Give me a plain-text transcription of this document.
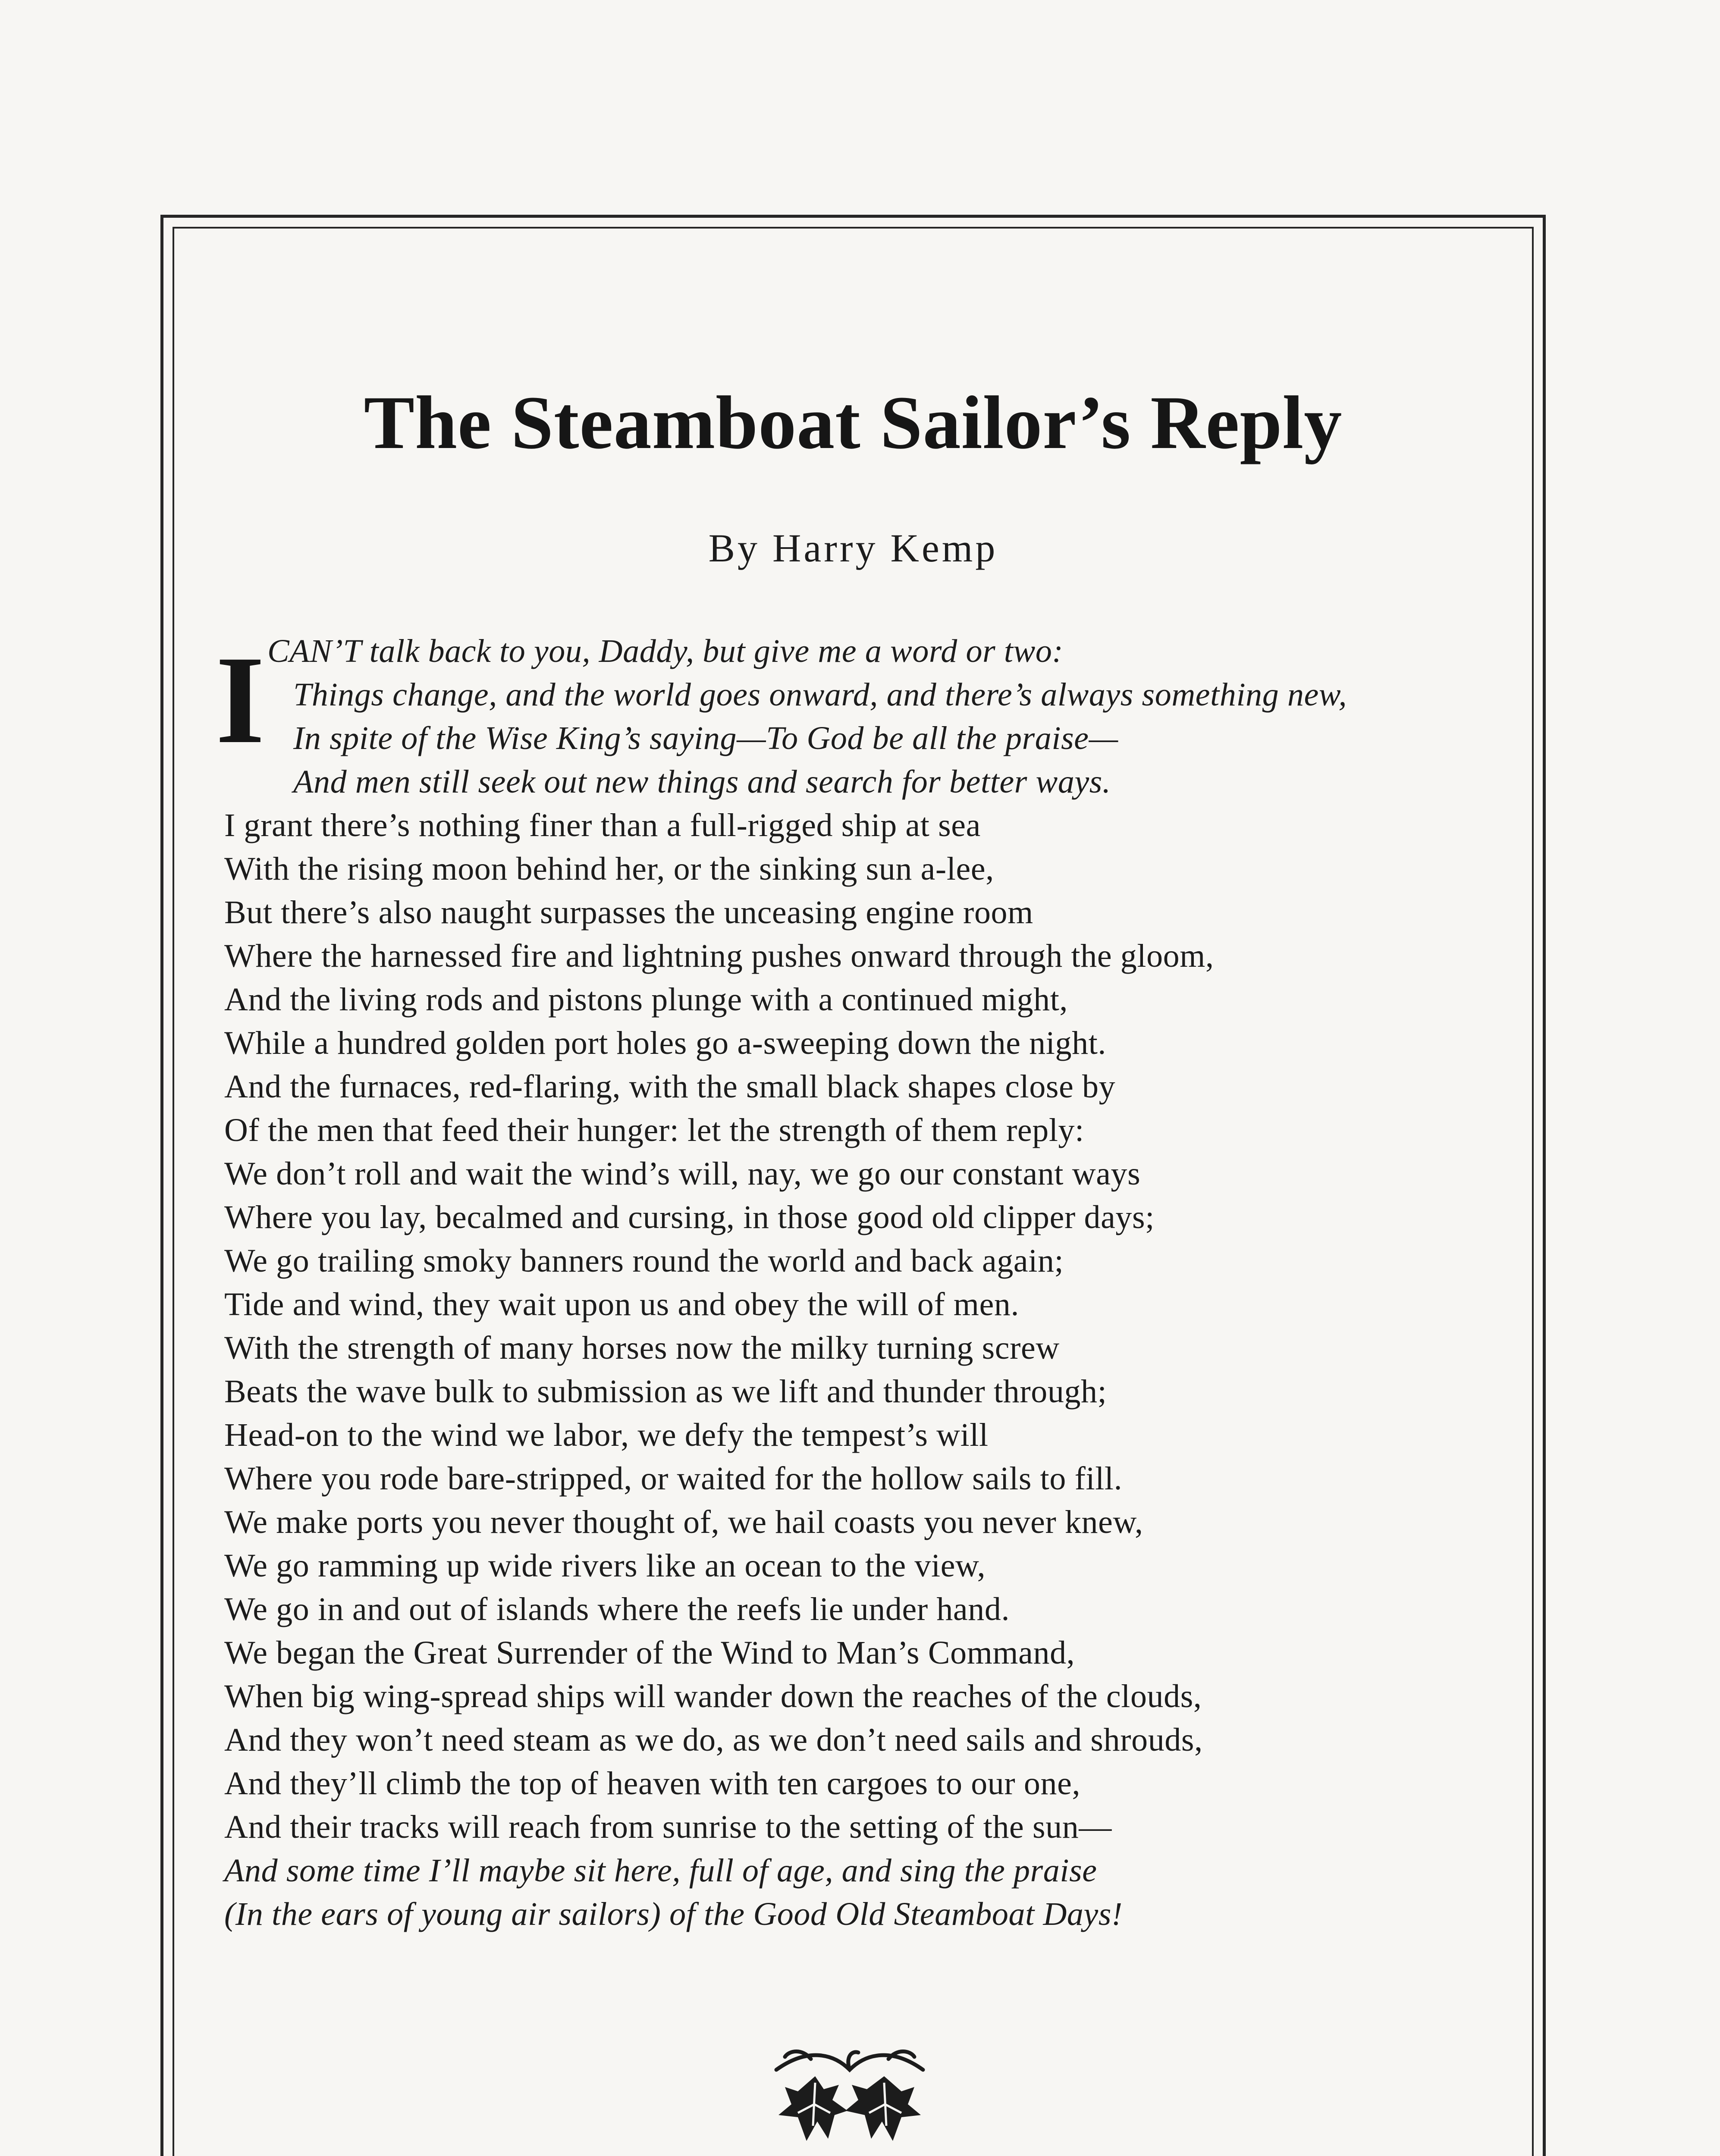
The Steamboat Sailor’s Reply

By Harry Kemp

I CAN’T talk back to you, Daddy, but give me a word or two:
Things change, and the world goes onward, and there’s always something new,
In spite of the Wise King’s saying—To God be all the praise—
And men still seek out new things and search for better ways.
I grant there’s nothing finer than a full-rigged ship at sea
With the rising moon behind her, or the sinking sun a-lee,
But there’s also naught surpasses the unceasing engine room
Where the harnessed fire and lightning pushes onward through the gloom,
And the living rods and pistons plunge with a continued might,
While a hundred golden port holes go a-sweeping down the night.
And the furnaces, red-flaring, with the small black shapes close by
Of the men that feed their hunger: let the strength of them reply:
We don’t roll and wait the wind’s will, nay, we go our constant ways
Where you lay, becalmed and cursing, in those good old clipper days;
We go trailing smoky banners round the world and back again;
Tide and wind, they wait upon us and obey the will of men.
With the strength of many horses now the milky turning screw
Beats the wave bulk to submission as we lift and thunder through;
Head-on to the wind we labor, we defy the tempest’s will
Where you rode bare-stripped, or waited for the hollow sails to fill.
We make ports you never thought of, we hail coasts you never knew,
We go ramming up wide rivers like an ocean to the view,
We go in and out of islands where the reefs lie under hand.
We began the Great Surrender of the Wind to Man’s Command,
When big wing-spread ships will wander down the reaches of the clouds,
And they won’t need steam as we do, as we don’t need sails and shrouds,
And they’ll climb the top of heaven with ten cargoes to our one,
And their tracks will reach from sunrise to the setting of the sun—
And some time I’ll maybe sit here, full of age, and sing the praise
(In the ears of young air sailors) of the Good Old Steamboat Days!
